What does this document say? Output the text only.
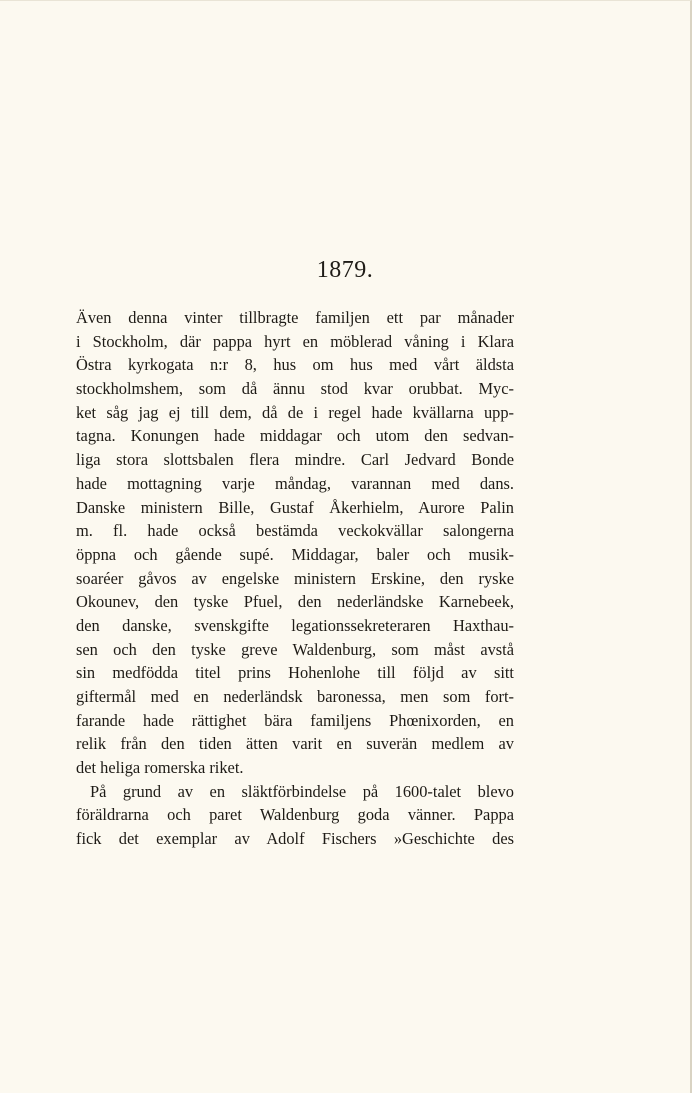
1879.
Även denna vinter tillbragte familjen ett par månader
i Stockholm, där pappa hyrt en möblerad våning i Klara
Östra kyrkogata n:r 8, hus om hus med vårt äldsta
stockholmshem, som då ännu stod kvar orubbat. Myc-
ket såg jag ej till dem, då de i regel hade kvällarna upp-
tagna. Konungen hade middagar och utom den sedvan-
liga stora slottsbalen flera mindre. Carl Jedvard Bonde
hade mottagning varje måndag, varannan med dans.
Danske ministern Bille, Gustaf Åkerhielm, Aurore Palin
m. fl. hade också bestämda veckokvällar salongerna
öppna och gående supé. Middagar, baler och musik-
soaréer gåvos av engelske ministern Erskine, den ryske
Okounev, den tyske Pfuel, den nederländske Karnebeek,
den danske, svenskgifte legationssekreteraren Haxthau-
sen och den tyske greve Waldenburg, som måst avstå
sin medfödda titel prins Hohenlohe till följd av sitt
giftermål med en nederländsk baronessa, men som fort-
farande hade rättighet bära familjens Phœnixorden, en
relik från den tiden ätten varit en suverän medlem av
det heliga romerska riket.
På grund av en släktförbindelse på 1600-talet blevo
föräldrarna och paret Waldenburg goda vänner. Pappa
fick det exemplar av Adolf Fischers »Geschichte des
